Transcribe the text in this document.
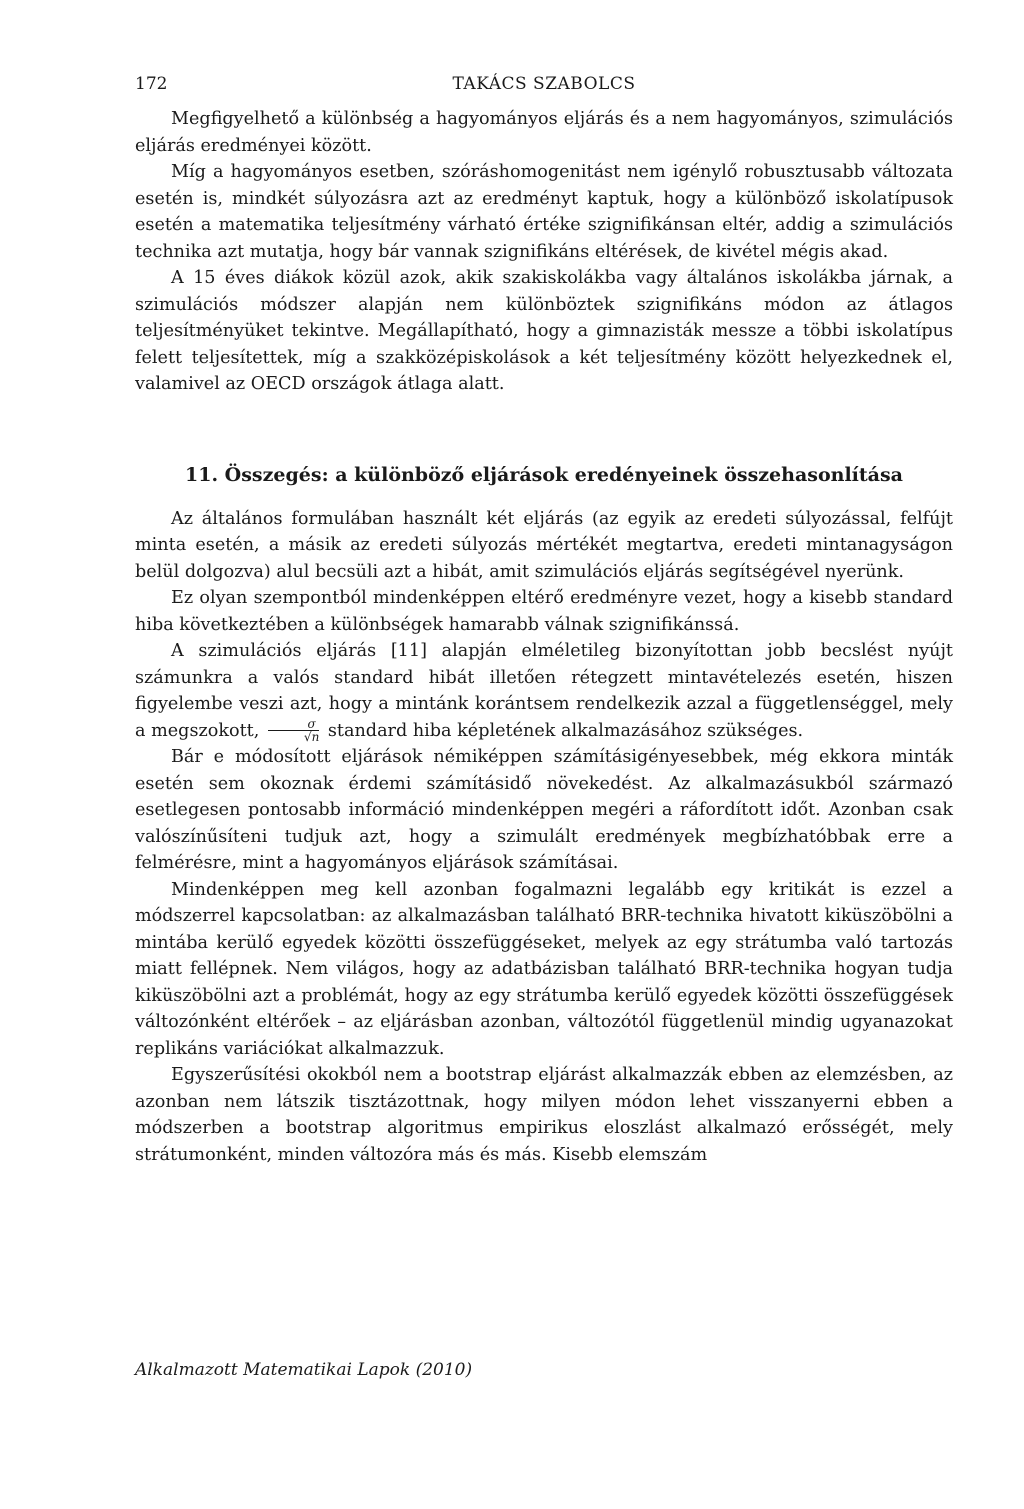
172	TAKÁCS SZABOLCS

Megfigyelhető a különbség a hagyományos eljárás és a nem hagyományos, szimulációs eljárás eredményei között.

Míg a hagyományos esetben, szóráshomogenitást nem igénylő robusztusabb változata esetén is, mindkét súlyozásra azt az eredményt kaptuk, hogy a különböző iskolatípusok esetén a matematika teljesítmény várható értéke szignifikánsan eltér, addig a szimulációs technika azt mutatja, hogy bár vannak szignifikáns eltérések, de kivétel mégis akad.

A 15 éves diákok közül azok, akik szakiskolákba vagy általános iskolákba járnak, a szimulációs módszer alapján nem különböztek szignifikáns módon az átlagos teljesítményüket tekintve. Megállapítható, hogy a gimnazisták messze a többi iskolatípus felett teljesítettek, míg a szakközépiskolások a két teljesítmény között helyezkednek el, valamivel az OECD országok átlaga alatt.

11. Összegés: a különböző eljárások eredényeinek összehasonlítása

Az általános formulában használt két eljárás (az egyik az eredeti súlyozással, felfújt minta esetén, a másik az eredeti súlyozás mértékét megtartva, eredeti mintanagyságon belül dolgozva) alul becsüli azt a hibát, amit szimulációs eljárás segítségével nyerünk.

Ez olyan szempontból mindenképpen eltérő eredményre vezet, hogy a kisebb standard hiba következtében a különbségek hamarabb válnak szignifikánssá.

A szimulációs eljárás [11] alapján elméletileg bizonyítottan jobb becslést nyújt számunkra a valós standard hibát illetően rétegzett mintavételezés esetén, hiszen figyelembe veszi azt, hogy a mintánk korántsem rendelkezik azzal a függetlenséggel, mely a megszokott, $\frac{\sigma}{√n}$ standard hiba képletének alkalmazásához szükséges.

Bár e módosított eljárások némiképpen számításigényesebbek, még ekkora minták esetén sem okoznak érdemi számításidő növekedést. Az alkalmazásukból származó esetlegesen pontosabb információ mindenképpen megéri a ráfordított időt. Azonban csak valószínűsíteni tudjuk azt, hogy a szimulált eredmények megbízhatóbbak erre a felmérésre, mint a hagyományos eljárások számításai.

Mindenképpen meg kell azonban fogalmazni legalább egy kritikát is ezzel a módszerrel kapcsolatban: az alkalmazásban található BRR-technika hivatott kiküszöbölni a mintába kerülő egyedek közötti összefüggéseket, melyek az egy strátumba való tartozás miatt fellépnek. Nem világos, hogy az adatbázisban található BRR-technika hogyan tudja kiküszöbölni azt a problémát, hogy az egy strátumba kerülő egyedek közötti összefüggések változónként eltérőek – az eljárásban azonban, változótól függetlenül mindig ugyanazokat replikáns variációkat alkalmazzuk.

Egyszerűsítési okokból nem a bootstrap eljárást alkalmazzák ebben az elemzésben, az azonban nem látszik tisztázottnak, hogy milyen módon lehet visszanyerni ebben a módszerben a bootstrap algoritmus empirikus eloszlást alkalmazó erősségét, mely strátumonként, minden változóra más és más. Kisebb elemszám

Alkalmazott Matematikai Lapok (2010)
